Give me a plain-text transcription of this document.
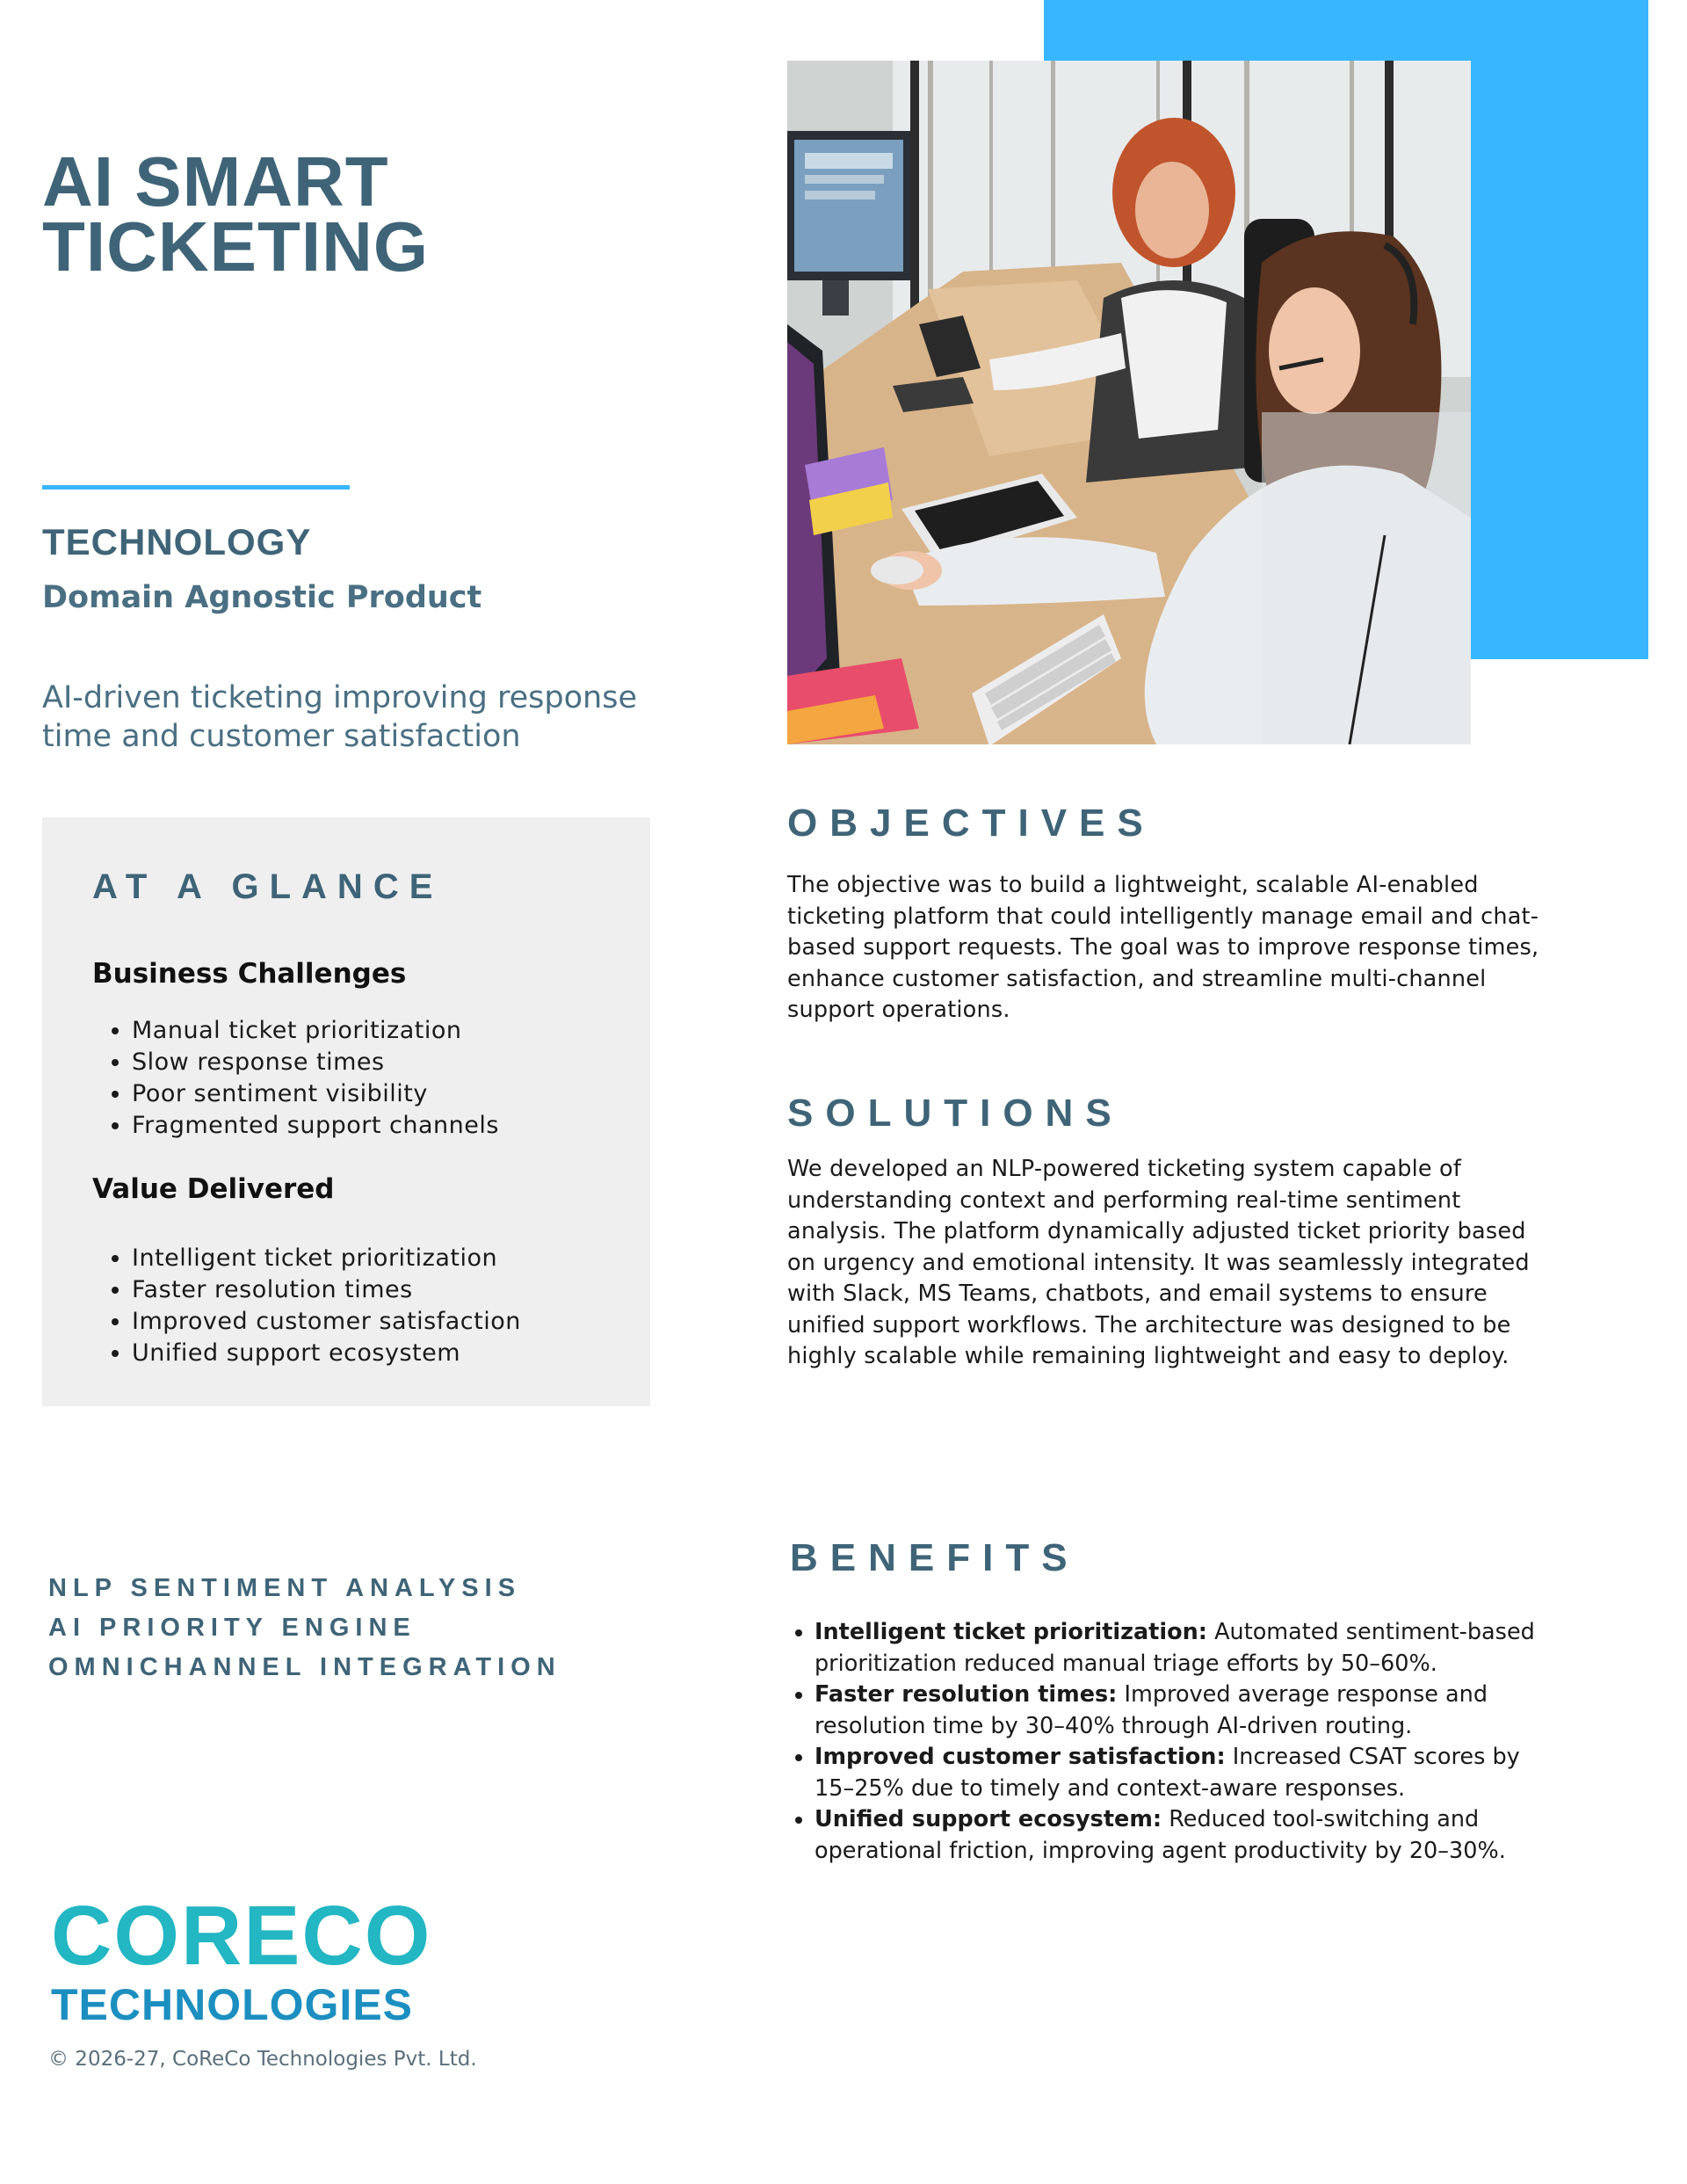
AI SMART
TICKETING
TECHNOLOGY
Domain Agnostic Product
AI-driven ticketing improving response time and customer satisfaction
AT A GLANCE
Business Challenges
• Manual ticket prioritization
• Slow response times
• Poor sentiment visibility
• Fragmented support channels
Value Delivered
• Intelligent ticket prioritization
• Faster resolution times
• Improved customer satisfaction
• Unified support ecosystem
NLP SENTIMENT ANALYSIS
AI PRIORITY ENGINE
OMNICHANNEL INTEGRATION
CORECO
TECHNOLOGIES
© 2026-27, CoReCo Technologies Pvt. Ltd.
OBJECTIVES

The objective was to build a lightweight, scalable AI-enabled ticketing platform that could intelligently manage email and chat-based support requests. The goal was to improve response times, enhance customer satisfaction, and streamline multi-channel support operations.

SOLUTIONS

We developed an NLP-powered ticketing system capable of understanding context and performing real-time sentiment analysis. The platform dynamically adjusted ticket priority based on urgency and emotional intensity. It was seamlessly integrated with Slack, MS Teams, chatbots, and email systems to ensure unified support workflows. The architecture was designed to be highly scalable while remaining lightweight and easy to deploy.

BENEFITS
• Intelligent ticket prioritization: Automated sentiment-based prioritization reduced manual triage efforts by 50–60%.
• Faster resolution times: Improved average response and resolution time by 30–40% through AI-driven routing.
• Improved customer satisfaction: Increased CSAT scores by 15–25% due to timely and context-aware responses.
• Unified support ecosystem: Reduced tool-switching and operational friction, improving agent productivity by 20–30%.
